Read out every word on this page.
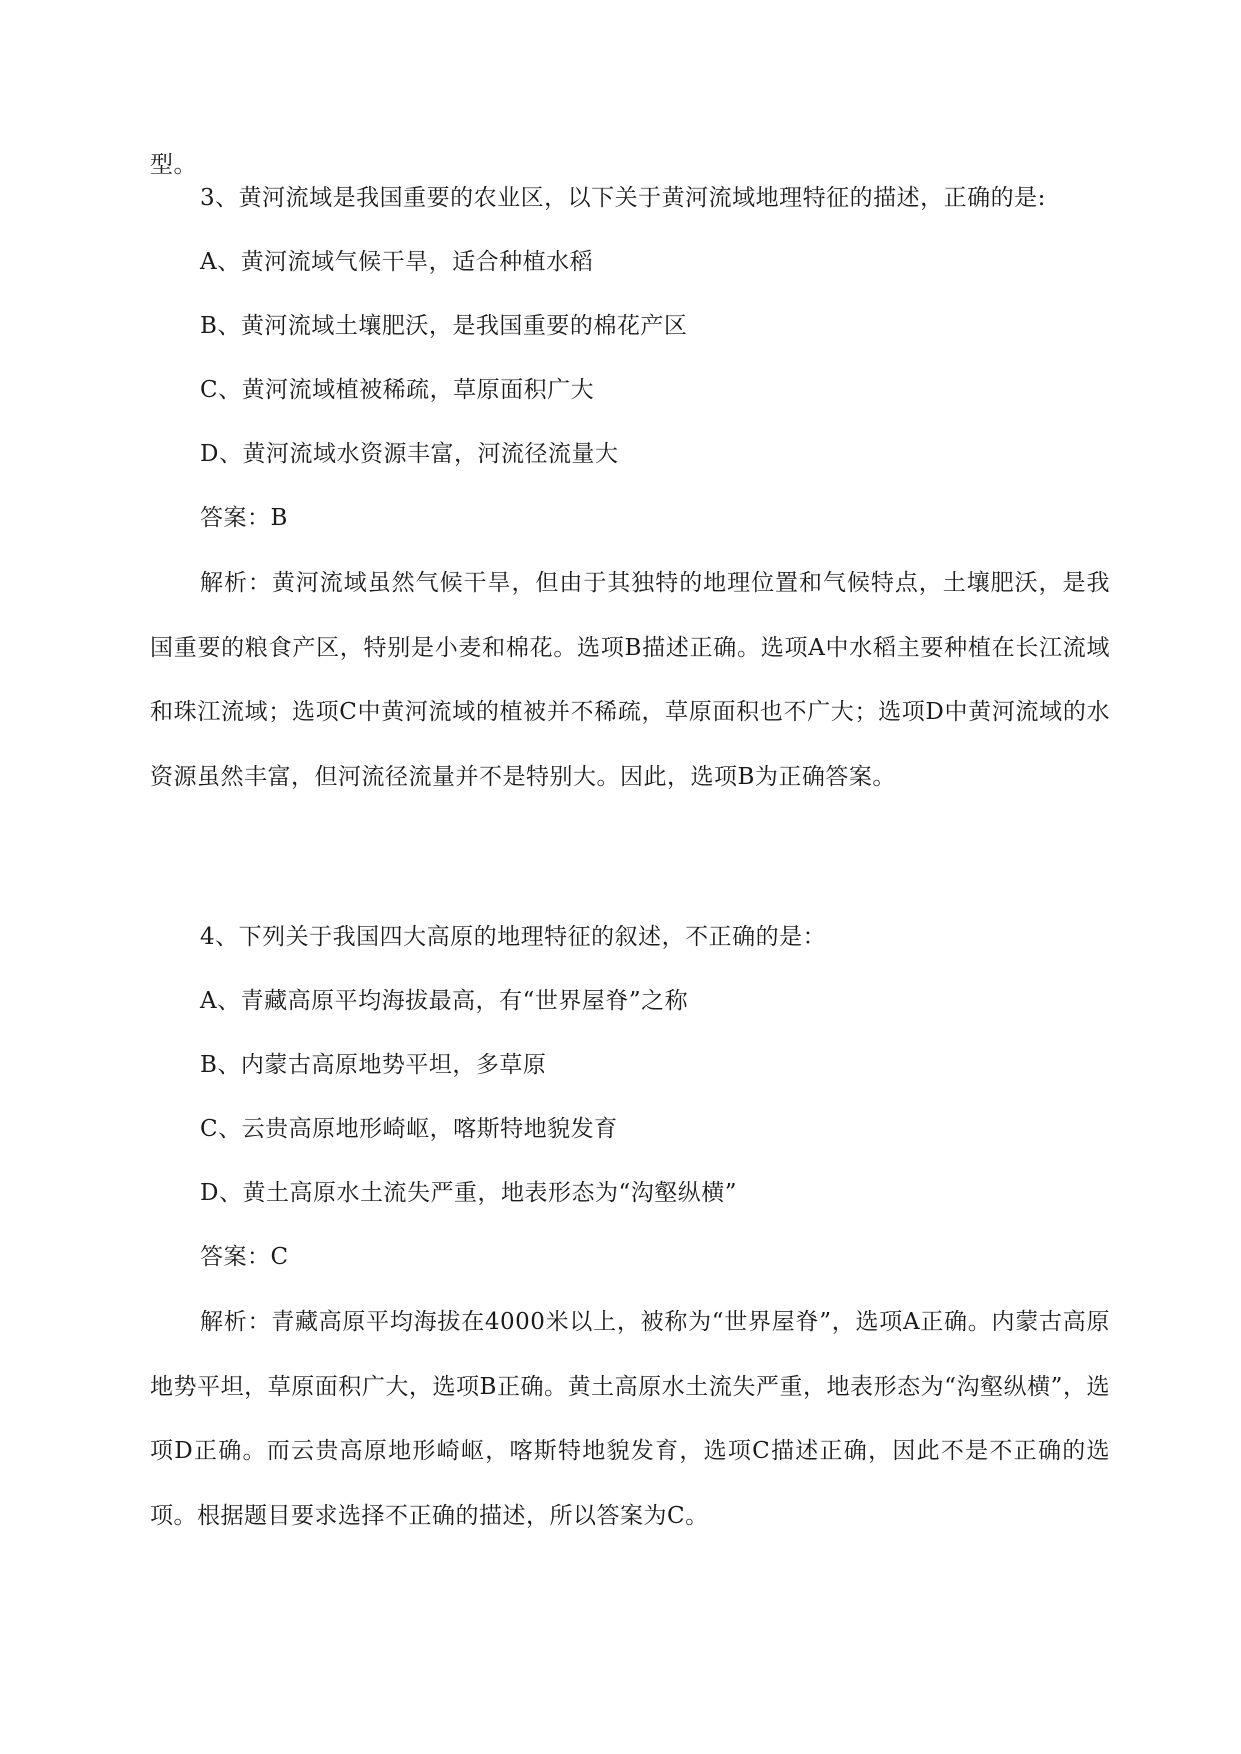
型。
3、黄河流域是我国重要的农业区，以下关于黄河流域地理特征的描述，正确的是:
A、黄河流域气候干旱，适合种植水稻
B、黄河流域土壤肥沃，是我国重要的棉花产区
C、黄河流域植被稀疏，草原面积广大
D、黄河流域水资源丰富，河流径流量大
答案：B

解析：黄河流域虽然气候干旱，但由于其独特的地理位置和气候特点，土壤肥沃，是我国重要的粮食产区，特别是小麦和棉花。选项B描述正确。选项A中水稻主要种植在长江流域和珠江流域；选项C中黄河流域的植被并不稀疏，草原面积也不广大；选项D中黄河流域的水资源虽然丰富，但河流径流量并不是特别大。因此，选项B为正确答案。

4、下列关于我国四大高原的地理特征的叙述，不正确的是：
A、青藏高原平均海拔最高，有“世界屋脊”之称
B、内蒙古高原地势平坦，多草原
C、云贵高原地形崎岖，喀斯特地貌发育
D、黄土高原水土流失严重，地表形态为“沟壑纵横”
答案：C

解析：青藏高原平均海拔在4000米以上，被称为“世界屋脊”，选项A正确。内蒙古高原地势平坦，草原面积广大，选项B正确。黄土高原水土流失严重，地表形态为“沟壑纵横”，选项D正确。而云贵高原地形崎岖，喀斯特地貌发育，选项C描述正确，因此不是不正确的选项。根据题目要求选择不正确的描述，所以答案为C。
